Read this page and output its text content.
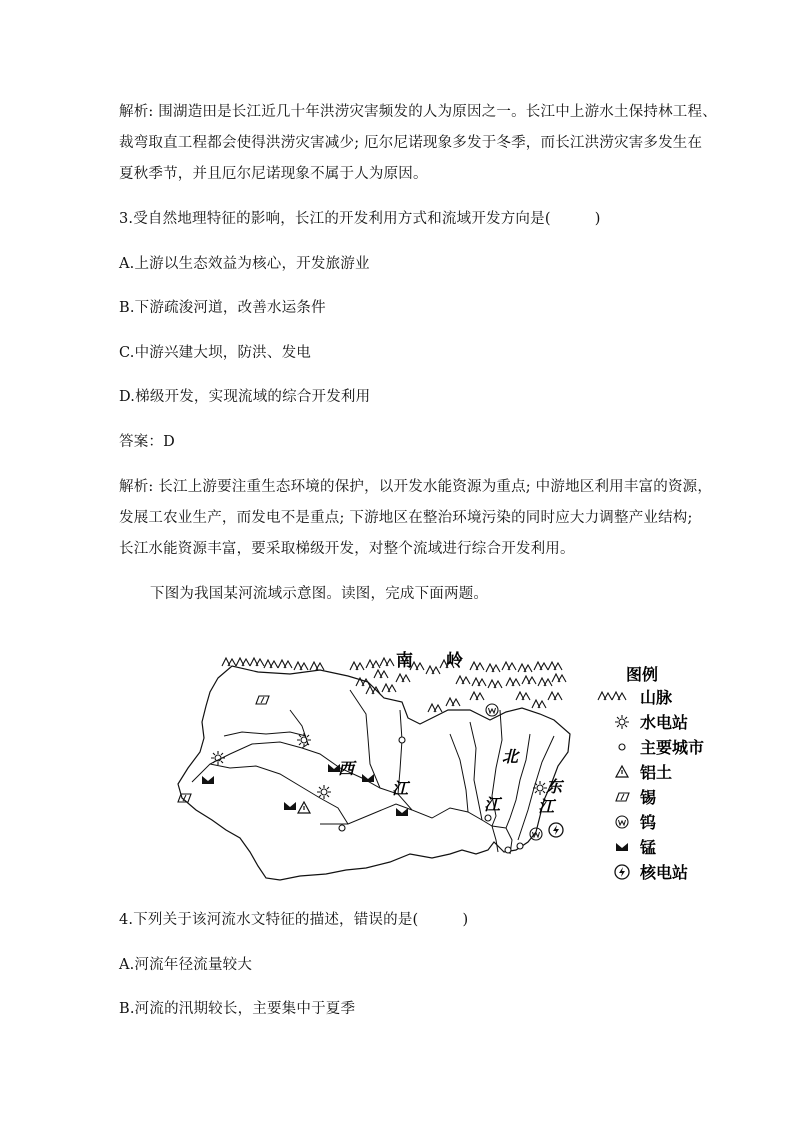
解析: 围湖造田是长江近几十年洪涝灾害频发的人为原因之一。长江中上游水土保持林工程、
裁弯取直工程都会使得洪涝灾害减少; 厄尔尼诺现象多发于冬季，而长江洪涝灾害多发生在
夏秋季节，并且厄尔尼诺现象不属于人为原因。
3.受自然地理特征的影响，长江的开发利用方式和流域开发方向是(　　　)
A.上游以生态效益为核心，开发旅游业
B.下游疏浚河道，改善水运条件
C.中游兴建大坝，防洪、发电
D.梯级开发，实现流域的综合开发利用
答案：D
解析: 长江上游要注重生态环境的保护，以开发水能资源为重点; 中游地区利用丰富的资源，
发展工农业生产，而发电不是重点; 下游地区在整治环境污染的同时应大力调整产业结构;
长江水能资源丰富，要采取梯级开发，对整个流域进行综合开发利用。
下图为我国某河流域示意图。读图，完成下面两题。
南 岭
西
江
北
江
东
江
图例
山脉
水电站
主要城市
铝土
锡
钨
锰
核电站
4.下列关于该河流水文特征的描述，错误的是(　　　)
A.河流年径流量较大
B.河流的汛期较长，主要集中于夏季
